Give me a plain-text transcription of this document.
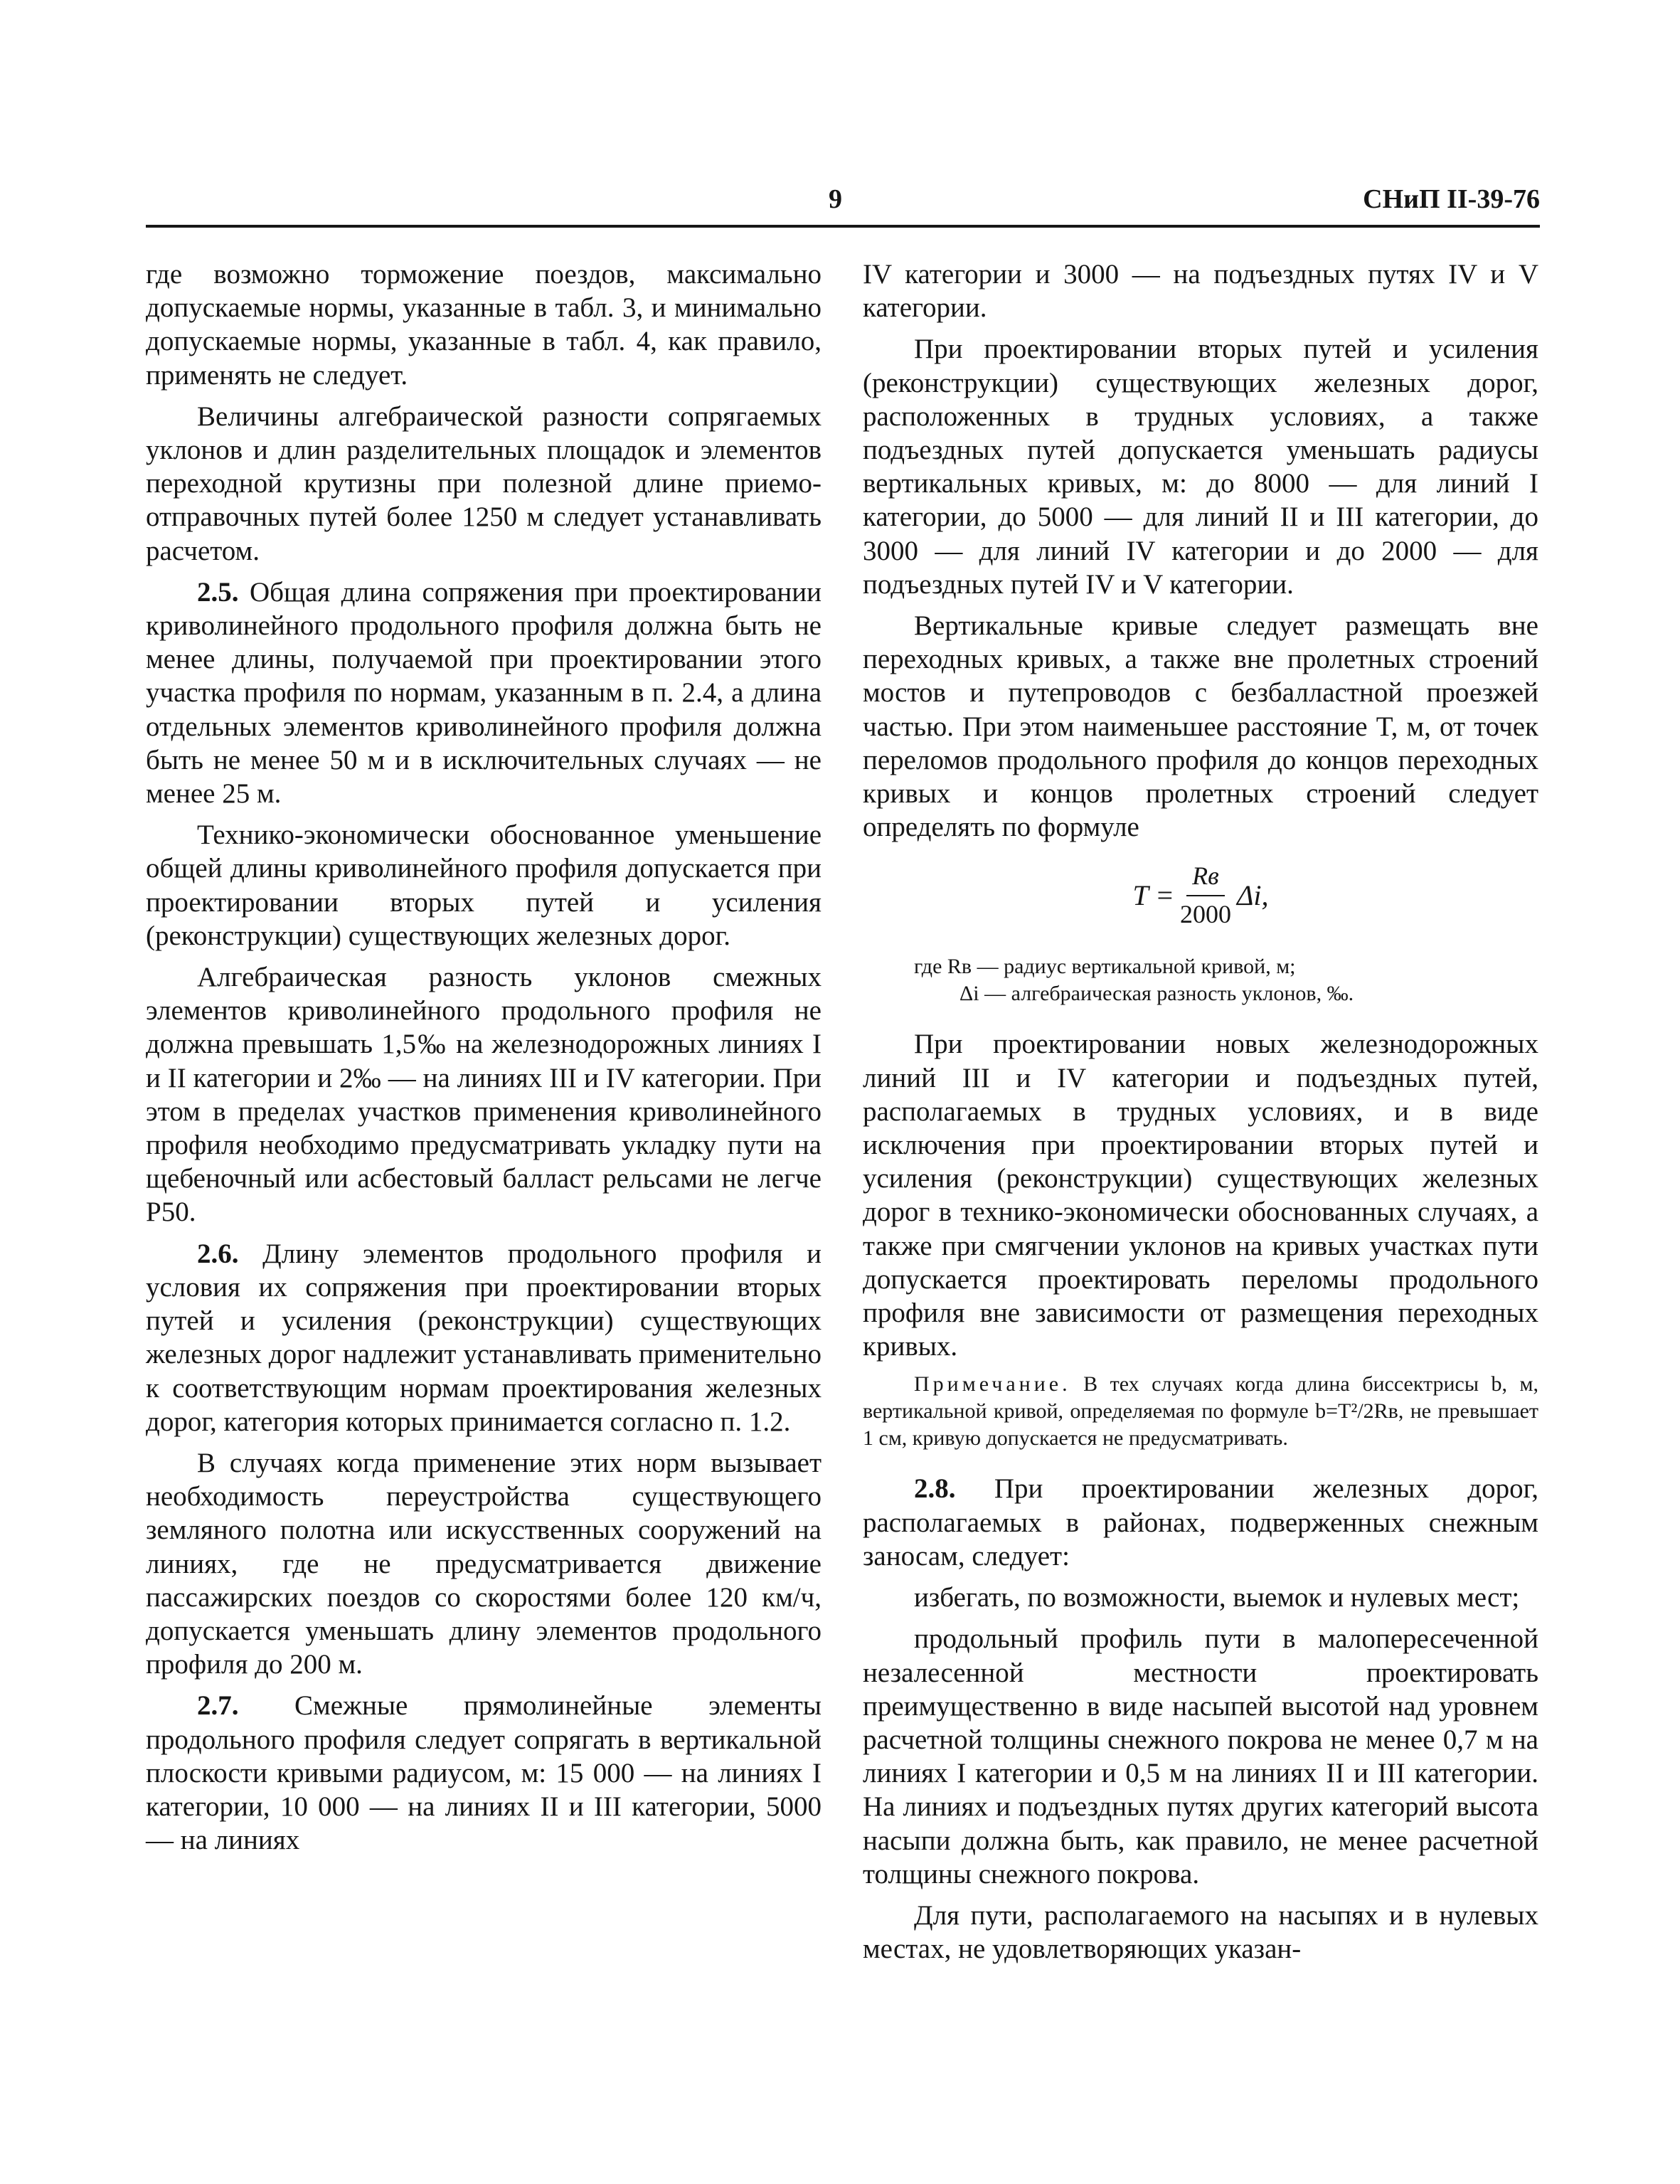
9	СНиП II-39-76

где возможно торможение поездов, максимально допускаемые нормы, указанные в табл. 3, и минимально допускаемые нормы, указанные в табл. 4, как правило, применять не следует.

Величины алгебраической разности сопрягаемых уклонов и длин разделительных площадок и элементов переходной крутизны при полезной длине приемо-отправочных путей более 1250 м следует устанавливать расчетом.

2.5. Общая длина сопряжения при проектировании криволинейного продольного профиля должна быть не менее длины, получаемой при проектировании этого участка профиля по нормам, указанным в п. 2.4, а длина отдельных элементов криволинейного профиля должна быть не менее 50 м и в исключительных случаях — не менее 25 м.

Технико-экономически обоснованное уменьшение общей длины криволинейного профиля допускается при проектировании вторых путей и усиления (реконструкции) существующих железных дорог.

Алгебраическая разность уклонов смежных элементов криволинейного продольного профиля не должна превышать 1,5‰ на железнодорожных линиях I и II категории и 2‰ — на линиях III и IV категории. При этом в пределах участков применения криволинейного профиля необходимо предусматривать укладку пути на щебеночный или асбестовый балласт рельсами не легче Р50.

2.6. Длину элементов продольного профиля и условия их сопряжения при проектировании вторых путей и усиления (реконструкции) существующих железных дорог надлежит устанавливать применительно к соответствующим нормам проектирования железных дорог, категория которых принимается согласно п. 1.2.

В случаях когда применение этих норм вызывает необходимость переустройства существующего земляного полотна или искусственных сооружений на линиях, где не предусматривается движение пассажирских поездов со скоростями более 120 км/ч, допускается уменьшать длину элементов продольного профиля до 200 м.

2.7. Смежные прямолинейные элементы продольного профиля следует сопрягать в вертикальной плоскости кривыми радиусом, м: 15 000 — на линиях I категории, 10 000 — на линиях II и III категории, 5000 — на линиях

IV категории и 3000 — на подъездных путях IV и V категории.

При проектировании вторых путей и усиления (реконструкции) существующих железных дорог, расположенных в трудных условиях, а также подъездных путей допускается уменьшать радиусы вертикальных кривых, м: до 8000 — для линий I категории, до 5000 — для линий II и III категории, до 3000 — для линий IV категории и до 2000 — для подъездных путей IV и V категории.

Вертикальные кривые следует размещать вне переходных кривых, а также вне пролетных строений мостов и путепроводов с безбалластной проезжей частью. При этом наименьшее расстояние T, м, от точек переломов продольного профиля до концов переходных кривых и концов пролетных строений следует определять по формуле

$T = \frac{Rв}{2000} \Delta i$,
где Rв — радиус вертикальной кривой, м;
Δi — алгебраическая разность уклонов, ‰.

При проектировании новых железнодорожных линий III и IV категории и подъездных путей, располагаемых в трудных условиях, и в виде исключения при проектировании вторых путей и усиления (реконструкции) существующих железных дорог в технико-экономически обоснованных случаях, а также при смягчении уклонов на кривых участках пути допускается проектировать переломы продольного профиля вне зависимости от размещения переходных кривых.

Примечание. В тех случаях когда длина биссектрисы b, м, вертикальной кривой, определяемая по формуле b=T²/2Rв, не превышает 1 см, кривую допускается не предусматривать.

2.8. При проектировании железных дорог, располагаемых в районах, подверженных снежным заносам, следует:

избегать, по возможности, выемок и нулевых мест;

продольный профиль пути в малопересеченной незалесенной местности проектировать преимущественно в виде насыпей высотой над уровнем расчетной толщины снежного покрова не менее 0,7 м на линиях I категории и 0,5 м на линиях II и III категории. На линиях и подъездных путях других категорий высота насыпи должна быть, как правило, не менее расчетной толщины снежного покрова.

Для пути, располагаемого на насыпях и в нулевых местах, не удовлетворяющих указан-
